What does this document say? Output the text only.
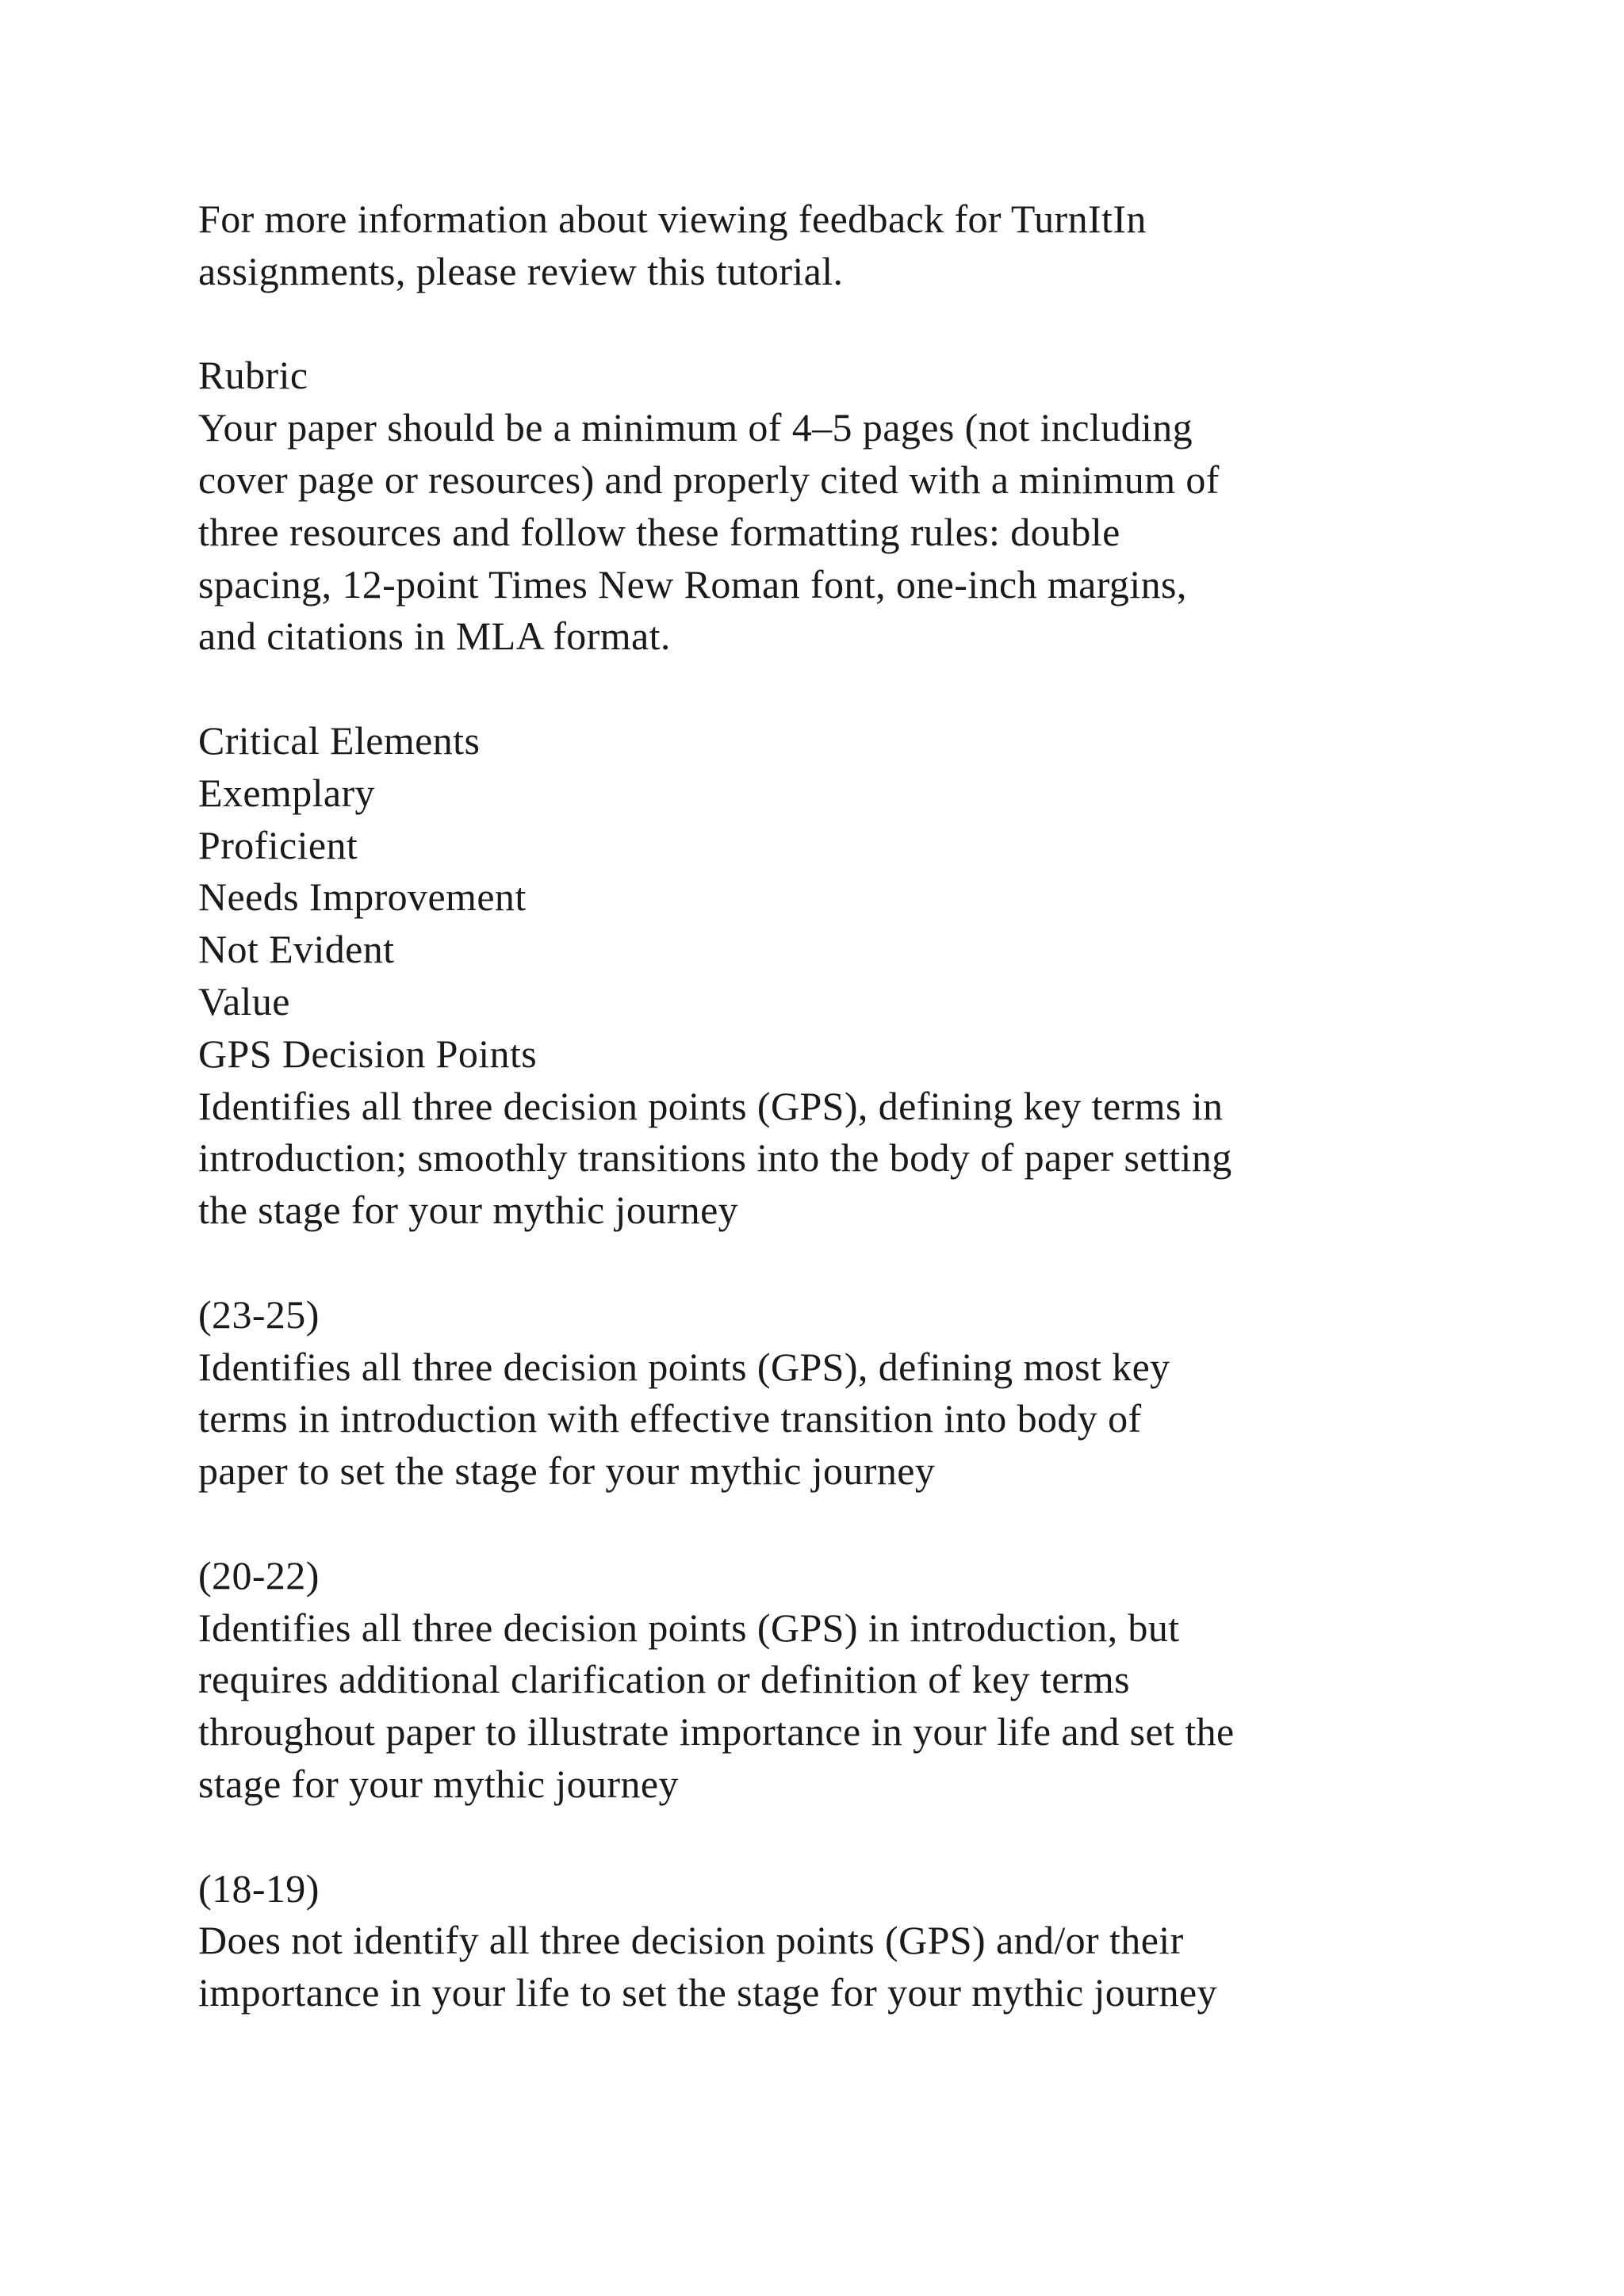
For more information about viewing feedback for TurnItIn
assignments, please review this tutorial.
Rubric
Your paper should be a minimum of 4–5 pages (not including
cover page or resources) and properly cited with a minimum of
three resources and follow these formatting rules: double
spacing, 12-point Times New Roman font, one-inch margins,
and citations in MLA format.
Critical Elements
Exemplary
Proficient
Needs Improvement
Not Evident
Value
GPS Decision Points
Identifies all three decision points (GPS), defining key terms in
introduction; smoothly transitions into the body of paper setting
the stage for your mythic journey
(23-25)
Identifies all three decision points (GPS), defining most key
terms in introduction with effective transition into body of
paper to set the stage for your mythic journey
(20-22)
Identifies all three decision points (GPS) in introduction, but
requires additional clarification or definition of key terms
throughout paper to illustrate importance in your life and set the
stage for your mythic journey
(18-19)
Does not identify all three decision points (GPS) and/or their
importance in your life to set the stage for your mythic journey
